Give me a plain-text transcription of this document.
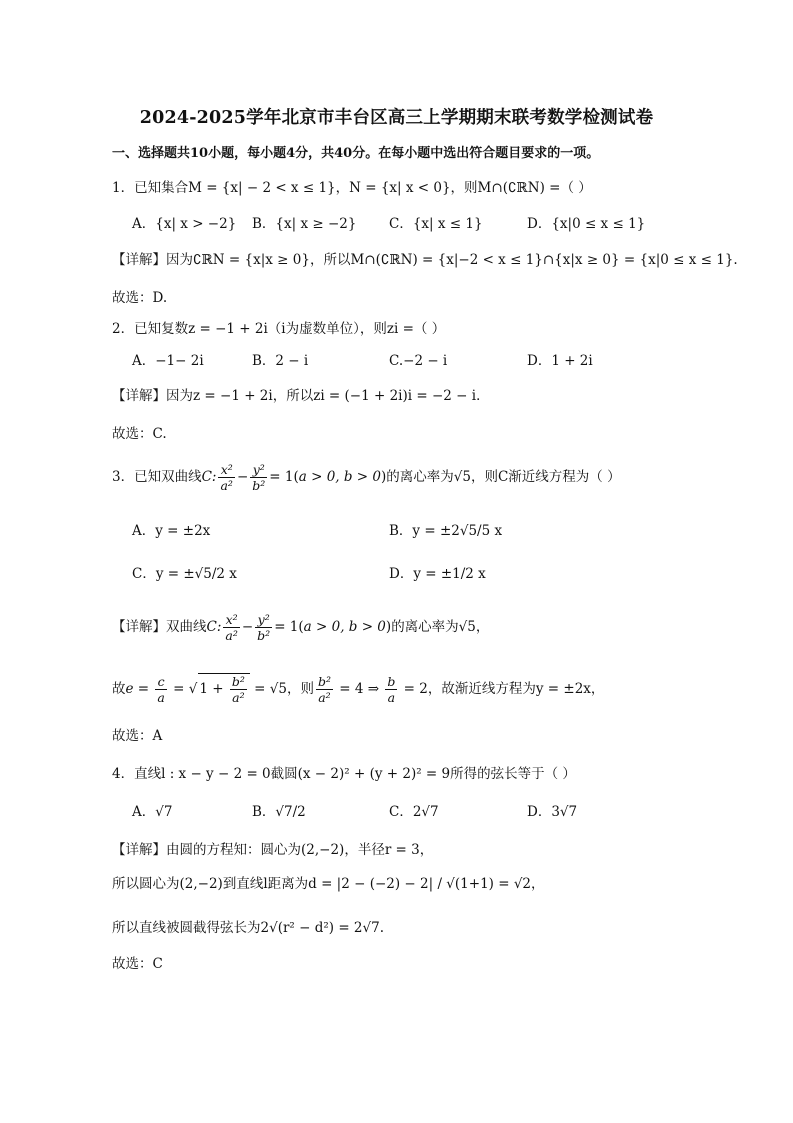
2024-2025学年北京市丰台区高三上学期期末联考数学检测试卷
一、选择题共10小题，每小题4分，共40分。在每小题中选出符合题目要求的一项。
1．已知集合M = {x| − 2 < x ≤ 1}，N = {x| x < 0}，则M∩(∁ℝN) =（ ）
A．{x| x > −2} B．{x| x ≥ −2} C．{x| x ≤ 1}	D．{x|0 ≤ x ≤ 1}
【详解】因为∁ℝN = {x|x ≥ 0}，所以M∩(∁ℝN) = {x|−2 < x ≤ 1}∩{x|x ≥ 0} = {x|0 ≤ x ≤ 1}.
故选：D.
2．已知复数z = −1 + 2i（i为虚数单位），则zi =（ ）
A．−1− 2i	B．2 − i	C.−2 − i	D．1 + 2i
【详解】因为z = −1 + 2i，所以zi = (−1 + 2i)i = −2 − i．
故选：C.
3．已知双曲线C: $\frac{\text{x²}}{\text{a²}} - \frac{\text{y²}}{\text{b²}} = 1(a > 0$, b > 0)的离心率为√5，则C渐近线方程为（ ）
A．y = ±2x	B．y = ±2√5/5 x
C．y = ±√5/2 x	D．y = ±1/2 x
【详解】双曲线C: $\frac{\text{x²}}{\text{a²}} - \frac{\text{y²}}{\text{b²}} = 1(a > 0$, b > 0)的离心率为√5，
故$e = \frac{c}{a}$ = √ $1 + \frac{\text{b²}}{\text{a²}} = √5$，则 $\frac{\text{b²}}{\text{a²}} = 4$ ⇒ $\frac{b}{a} = 2$，故渐近线方程为y = ±2x，
故选：A
4．直线l : x − y − 2 = 0截圆(x − 2)² + (y + 2)² = 9所得的弦长等于（ ）
A．√7	B．√7/2	C．2√7	D．3√7
【详解】由圆的方程知：圆心为(2,−2)，半径r = 3，
所以圆心为(2,−2)到直线l距离为d = |2 − (−2) − 2| / √(1+1) = √2，
所以直线被圆截得弦长为2√(r² − d²) = 2√7.
故选：C
